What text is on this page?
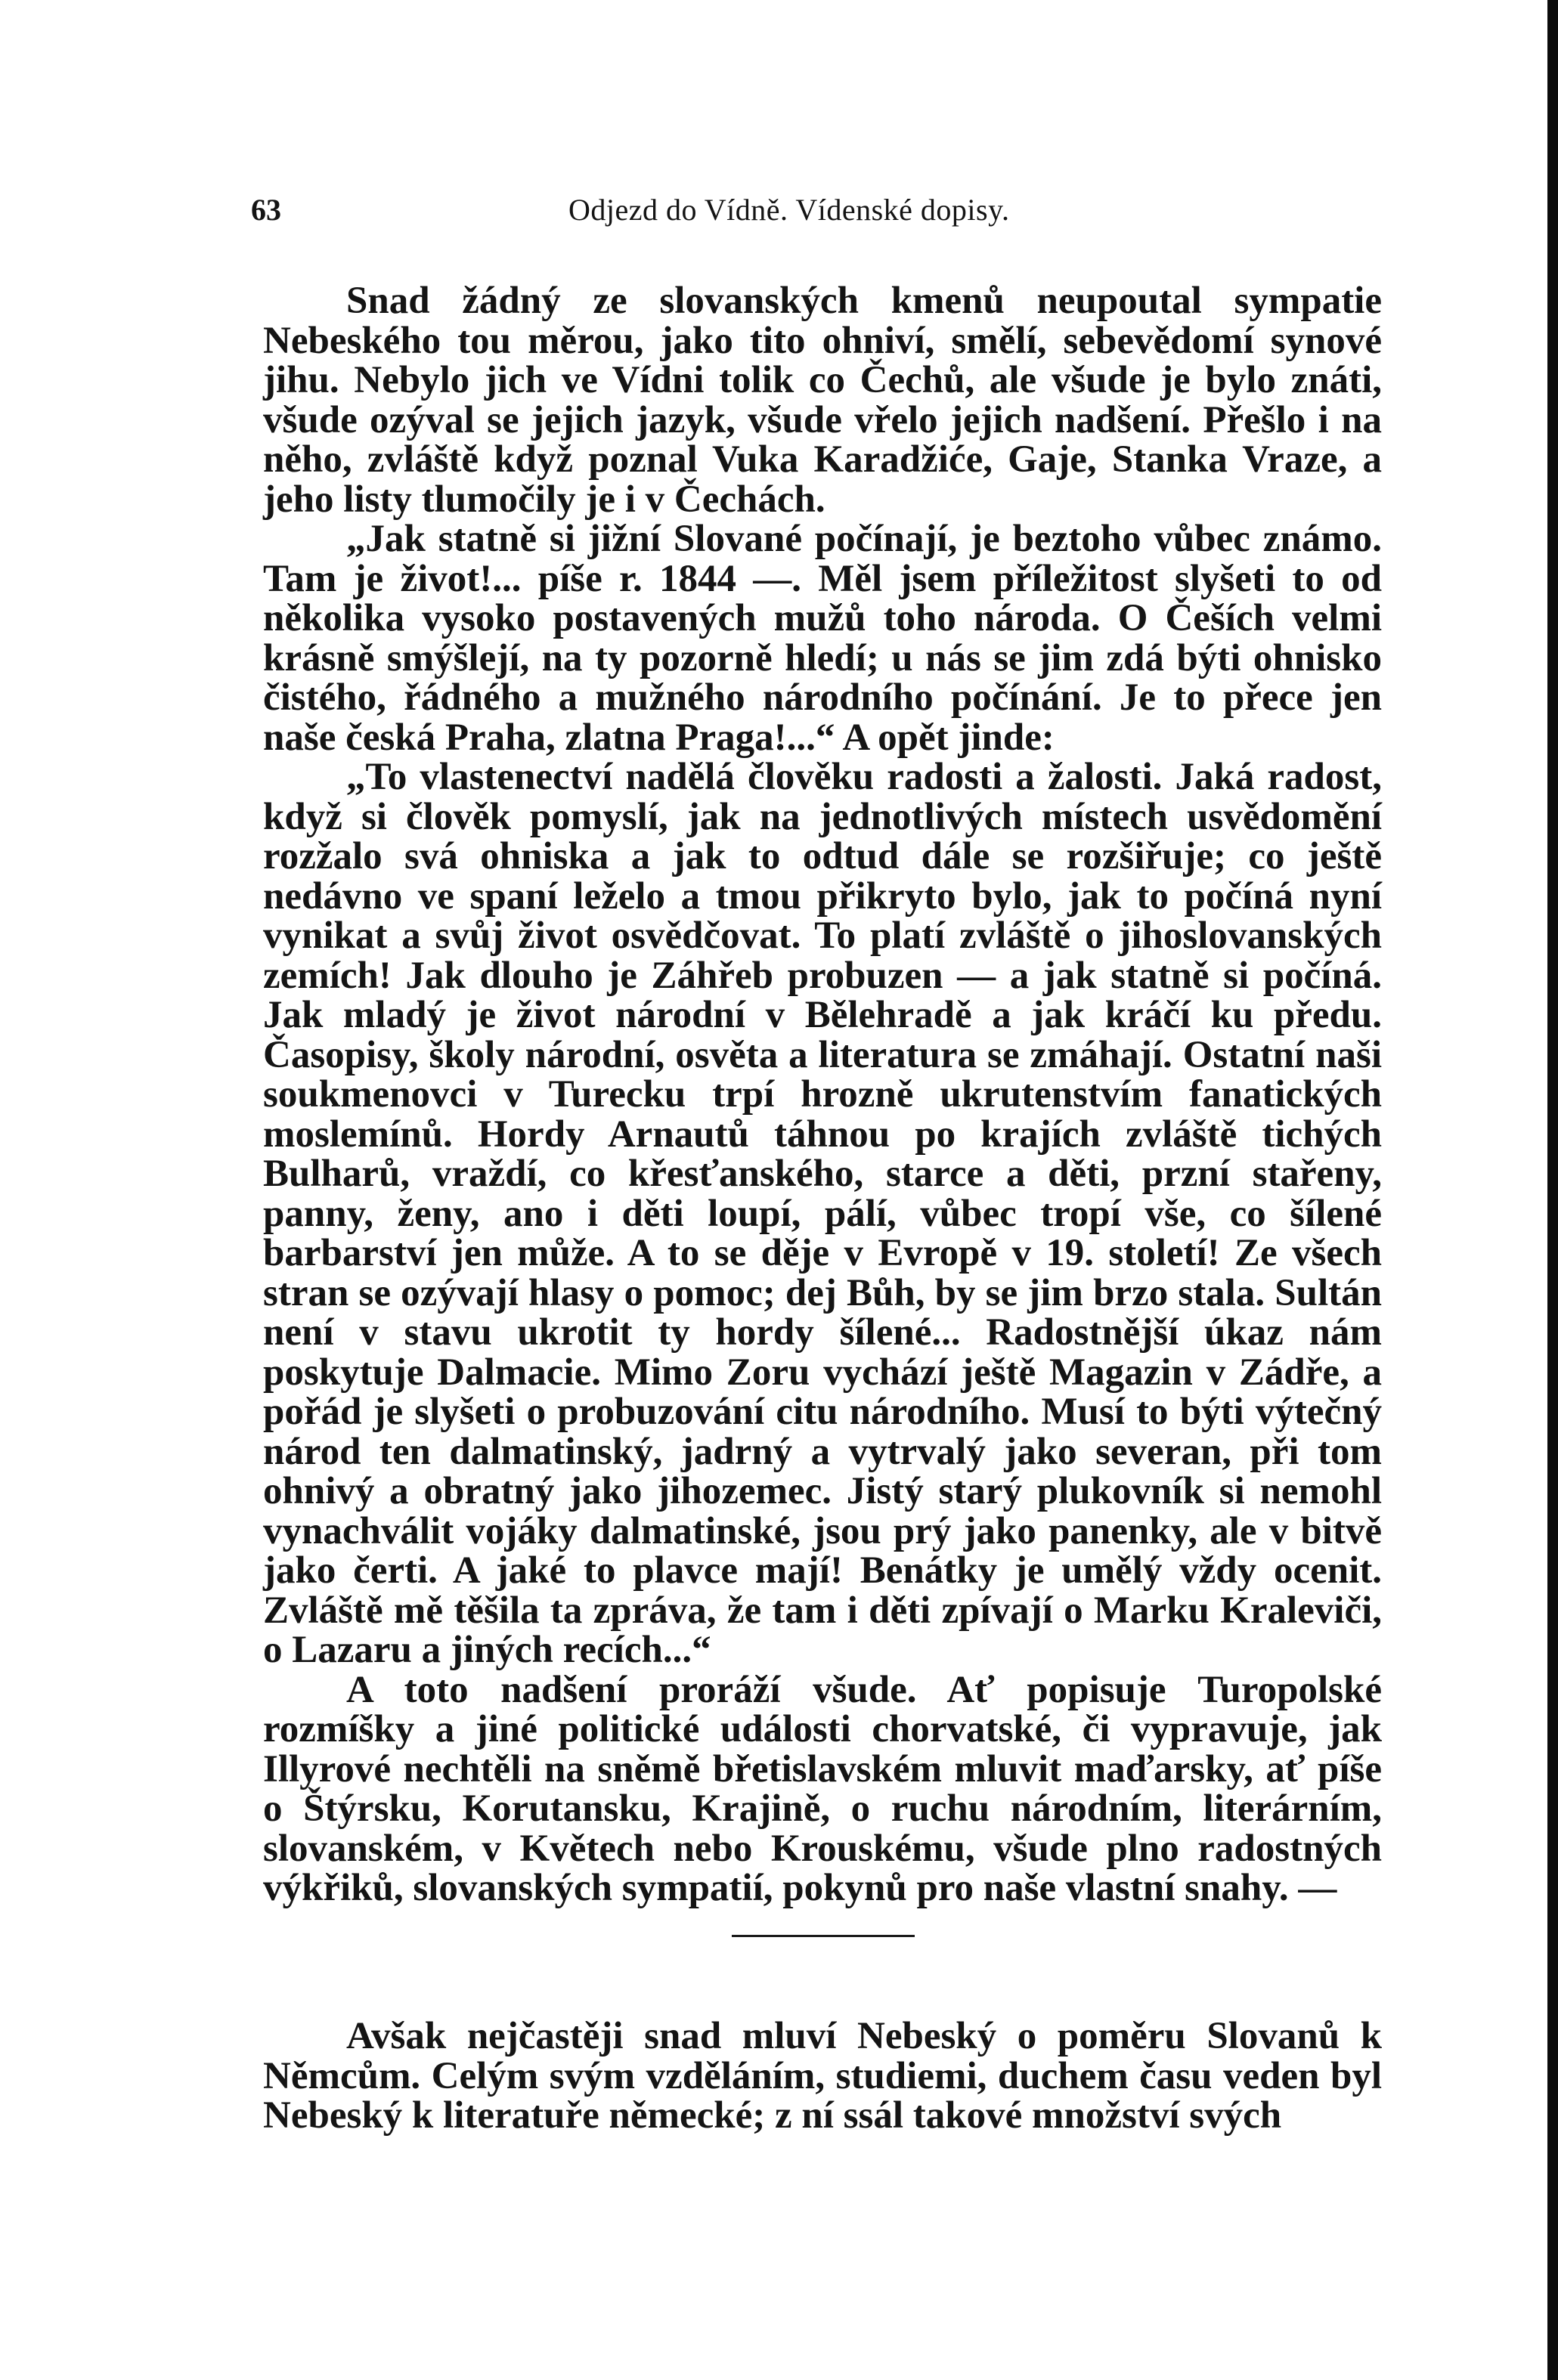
63	Odjezd do Vídně. Vídenské dopisy.

Snad žádný ze slovanských kmenů neupoutal sympatie Nebeského tou měrou, jako tito ohniví, smělí, sebevědomí synové jihu. Nebylo jich ve Vídni tolik co Čechů, ale všude je bylo znáti, všude ozýval se jejich jazyk, všude vřelo jejich nadšení. Přešlo i na něho, zvláště když poznal Vuka Karadžiće, Gaje, Stanka Vraze, a jeho listy tlumočily je i v Čechách.

„Jak statně si jižní Slované počínají, je beztoho vůbec známo. Tam je život!... píše r. 1844 —. Měl jsem příležitost slyšeti to od několika vysoko postavených mužů toho národa. O Češích velmi krásně smýšlejí, na ty pozorně hledí; u nás se jim zdá býti ohnisko čistého, řádného a mužného národního počínání. Je to přece jen naše česká Praha, zlatna Praga!...“ A opět jinde:

„To vlastenectví nadělá člověku radosti a žalosti. Jaká radost, když si člověk pomyslí, jak na jednotlivých místech usvědomění rozžalo svá ohniska a jak to odtud dále se rozšiřuje; co ještě nedávno ve spaní leželo a tmou přikryto bylo, jak to počíná nyní vynikat a svůj život osvědčovat. To platí zvláště o jihoslovanských zemích! Jak dlouho je Záhřeb probuzen — a jak statně si počíná. Jak mladý je život národní v Bělehradě a jak kráčí ku předu. Časopisy, školy národní, osvěta a literatura se zmáhají. Ostatní naši soukmenovci v Turecku trpí hrozně ukrutenstvím fanatických moslemínů. Hordy Arnautů táhnou po krajích zvláště tichých Bulharů, vraždí, co křesťanského, starce a děti, przní stařeny, panny, ženy, ano i děti loupí, pálí, vůbec tropí vše, co šílené barbarství jen může. A to se děje v Evropě v 19. století! Ze všech stran se ozývají hlasy o pomoc; dej Bůh, by se jim brzo stala. Sultán není v stavu ukrotit ty hordy šílené... Radostnější úkaz nám poskytuje Dalmacie. Mimo Zoru vychází ještě Magazin v Zádře, a pořád je slyšeti o probuzování citu národního. Musí to býti výtečný národ ten dalmatinský, jadrný a vytrvalý jako severan, při tom ohnivý a obratný jako jihozemec. Jistý starý plukovník si nemohl vynachválit vojáky dalmatinské, jsou prý jako panenky, ale v bitvě jako čerti. A jaké to plavce mají! Benátky je umělý vždy ocenit. Zvláště mě těšila ta zpráva, že tam i děti zpívají o Marku Kraleviči, o Lazaru a jiných recích...“

A toto nadšení proráží všude. Ať popisuje Turopolské rozmíšky a jiné politické události chorvatské, či vypravuje, jak Illyrové nechtěli na sněmě břetislavském mluvit maďarsky, ať píše o Štýrsku, Korutansku, Krajině, o ruchu národním, literárním, slovanském, v Květech nebo Krouskému, všude plno radostných výkřiků, slovanských sympatií, pokynů pro naše vlastní snahy. —

Avšak nejčastěji snad mluví Nebeský o poměru Slovanů k Němcům. Celým svým vzděláním, studiemi, duchem času veden byl Nebeský k literatuře německé; z ní ssál takové množství svých
